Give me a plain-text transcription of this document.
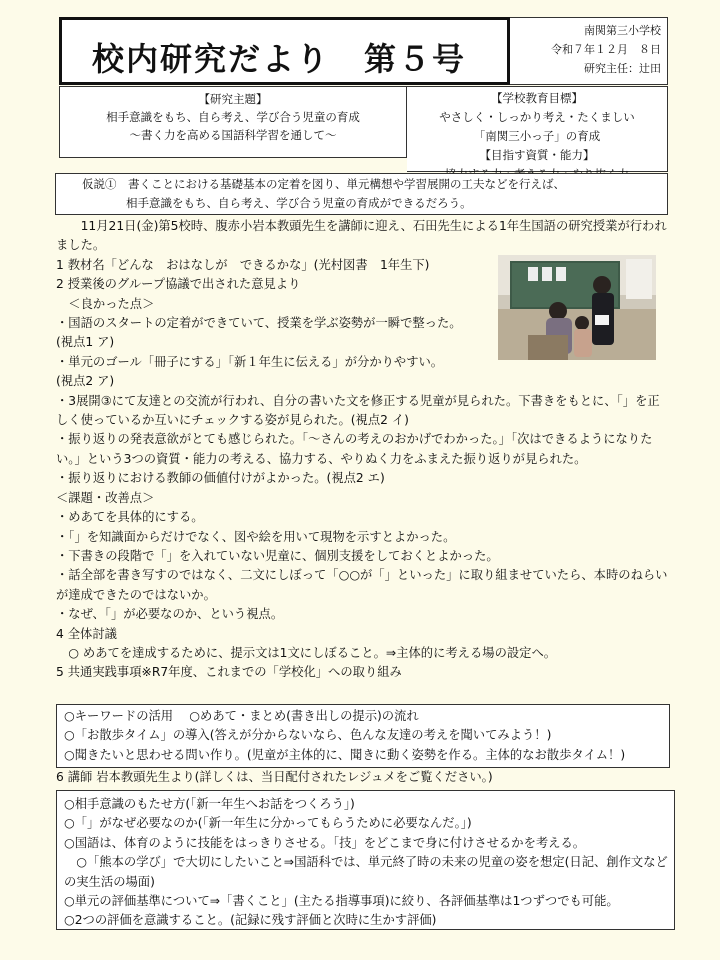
校内研究だより　第５号
南関第三小学校
令和７年１２月　８日
研究主任：辻田
【研究主題】
相手意識をもち、自ら考え、学び合う児童の育成
～書く力を高める国語科学習を通して～
【学校教育目標】
やさしく・しっかり考え・たくましい
「南関三小っ子」の育成
【目指す資質・能力】
仮説①　書くことにおける基礎基本の定着を図り、単元構想や学習展開の工夫などを行えば、
相手意識をもち、自ら考え、学び合う児童の育成ができるだろう。

　　11月21日(金)第5校時、腹赤小岩本教頭先生を講師に迎え、石田先生による1年生国語の研究授業が行われました。

1 教材名「どんな　おはなしが　できるかな」(光村図書　1年生下)

2 授業後のグループ協議で出された意見より

　＜良かった点＞

・国語のスタートの定着ができていて、授業を学ぶ姿勢が一瞬で整った。

(視点1 ア)

・単元のゴール「冊子にする」「新１年生に伝える」が分かりやすい。

(視点2 ア)

・3展開③にて友達との交流が行われ、自分の書いた文を修正する児童が見られた。下書きをもとに、「」を正しく使っているか互いにチェックする姿が見られた。(視点2 イ)

・振り返りの発表意欲がとても感じられた。「～さんの考えのおかげでわかった。」「次はできるようになりたい。」という3つの資質・能力の考える、協力する、やりぬく力をふまえた振り返りが見られた。

・振り返りにおける教師の価値付けがよかった。(視点2 エ)

＜課題・改善点＞

・めあてを具体的にする。

・「」を知識面からだけでなく、図や絵を用いて現物を示すとよかった。

・下書きの段階で「」を入れていない児童に、個別支援をしておくとよかった。

・話全部を書き写すのではなく、二文にしぼって「○○が「」といった」に取り組ませていたら、本時のねらいが達成できたのではないか。

・なぜ、「」が必要なのか、という視点。

4 全体討議

　○ めあてを達成するために、提示文は1文にしぼること。⇒主体的に考える場の設定へ。

5 共通実践事項※R7年度、これまでの「学校化」への取り組み

○キーワードの活用　 ○めあて・まとめ(書き出しの提示)の流れ

○「お散歩タイム」の導入(答えが分からないなら、色んな友達の考えを聞いてみよう！)

○聞きたいと思わせる問い作り。(児童が主体的に、聞きに動く姿勢を作る。主体的なお散歩タイム！)

6 講師 岩本教頭先生より(詳しくは、当日配付されたレジュメをご覧ください。)

○相手意識のもたせ方(「新一年生へお話をつくろう」)

○「」がなぜ必要なのか(「新一年生に分かってもらうために必要なんだ。」)

○国語は、体育のように技能をはっきりさせる。「技」をどこまで身に付けさせるかを考える。

　○「熊本の学び」で大切にしたいこと⇒国語科では、単元終了時の未来の児童の姿を想定(日記、創作文などの実生活の場面)

○単元の評価基準について⇒「書くこと」(主たる指導事項)に絞り、各評価基準は1つずつでも可能。

○2つの評価を意識すること。(記録に残す評価と次時に生かす評価)
